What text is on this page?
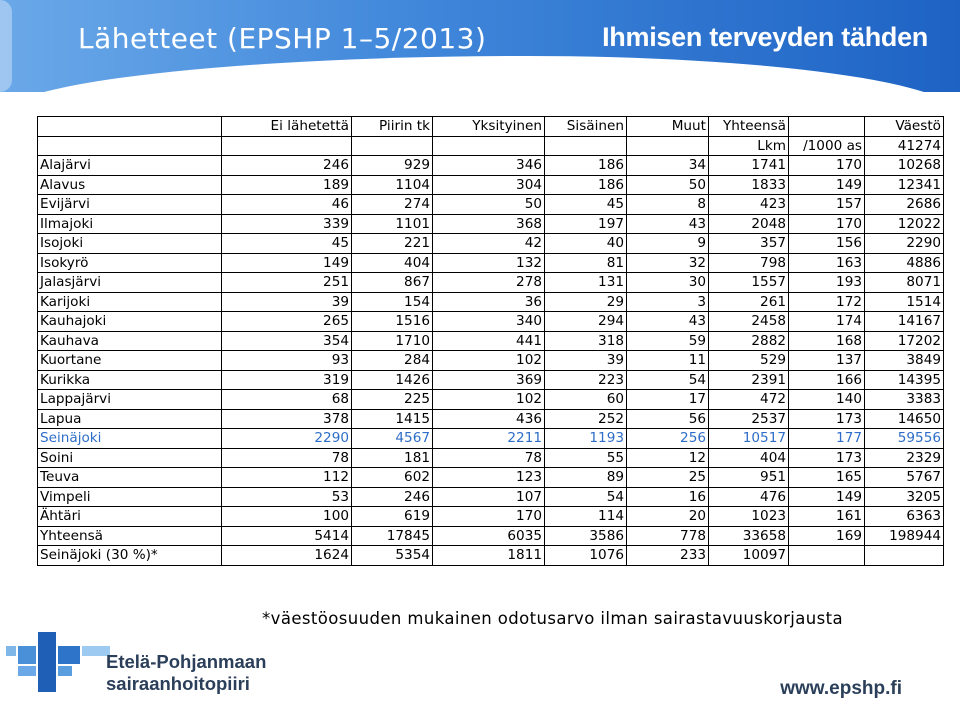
Lähetteet (EPSHP 1–5/2013)	Ihmisen terveyden tähden
	Ei lähetettä	Piirin tk	Yksityinen	Sisäinen	Muut	Yhteensä		Väestö
						Lkm	/1000 as	41274
Alajärvi	246	929	346	186	34	1741	170	10268
Alavus	189	1104	304	186	50	1833	149	12341
Evijärvi	46	274	50	45	8	423	157	2686
Ilmajoki	339	1101	368	197	43	2048	170	12022
Isojoki	45	221	42	40	9	357	156	2290
Isokyrö	149	404	132	81	32	798	163	4886
Jalasjärvi	251	867	278	131	30	1557	193	8071
Karijoki	39	154	36	29	3	261	172	1514
Kauhajoki	265	1516	340	294	43	2458	174	14167
Kauhava	354	1710	441	318	59	2882	168	17202
Kuortane	93	284	102	39	11	529	137	3849
Kurikka	319	1426	369	223	54	2391	166	14395
Lappajärvi	68	225	102	60	17	472	140	3383
Lapua	378	1415	436	252	56	2537	173	14650
Seinäjoki	2290	4567	2211	1193	256	10517	177	59556
Soini	78	181	78	55	12	404	173	2329
Teuva	112	602	123	89	25	951	165	5767
Vimpeli	53	246	107	54	16	476	149	3205
Ähtäri	100	619	170	114	20	1023	161	6363
Yhteensä	5414	17845	6035	3586	778	33658	169	198944
Seinäjoki (30 %)*	1624	5354	1811	1076	233	10097		
*väestöosuuden mukainen odotusarvo ilman sairastavuuskorjausta
Etelä-Pohjanmaan
sairaanhoitopiiri	www.epshp.fi
